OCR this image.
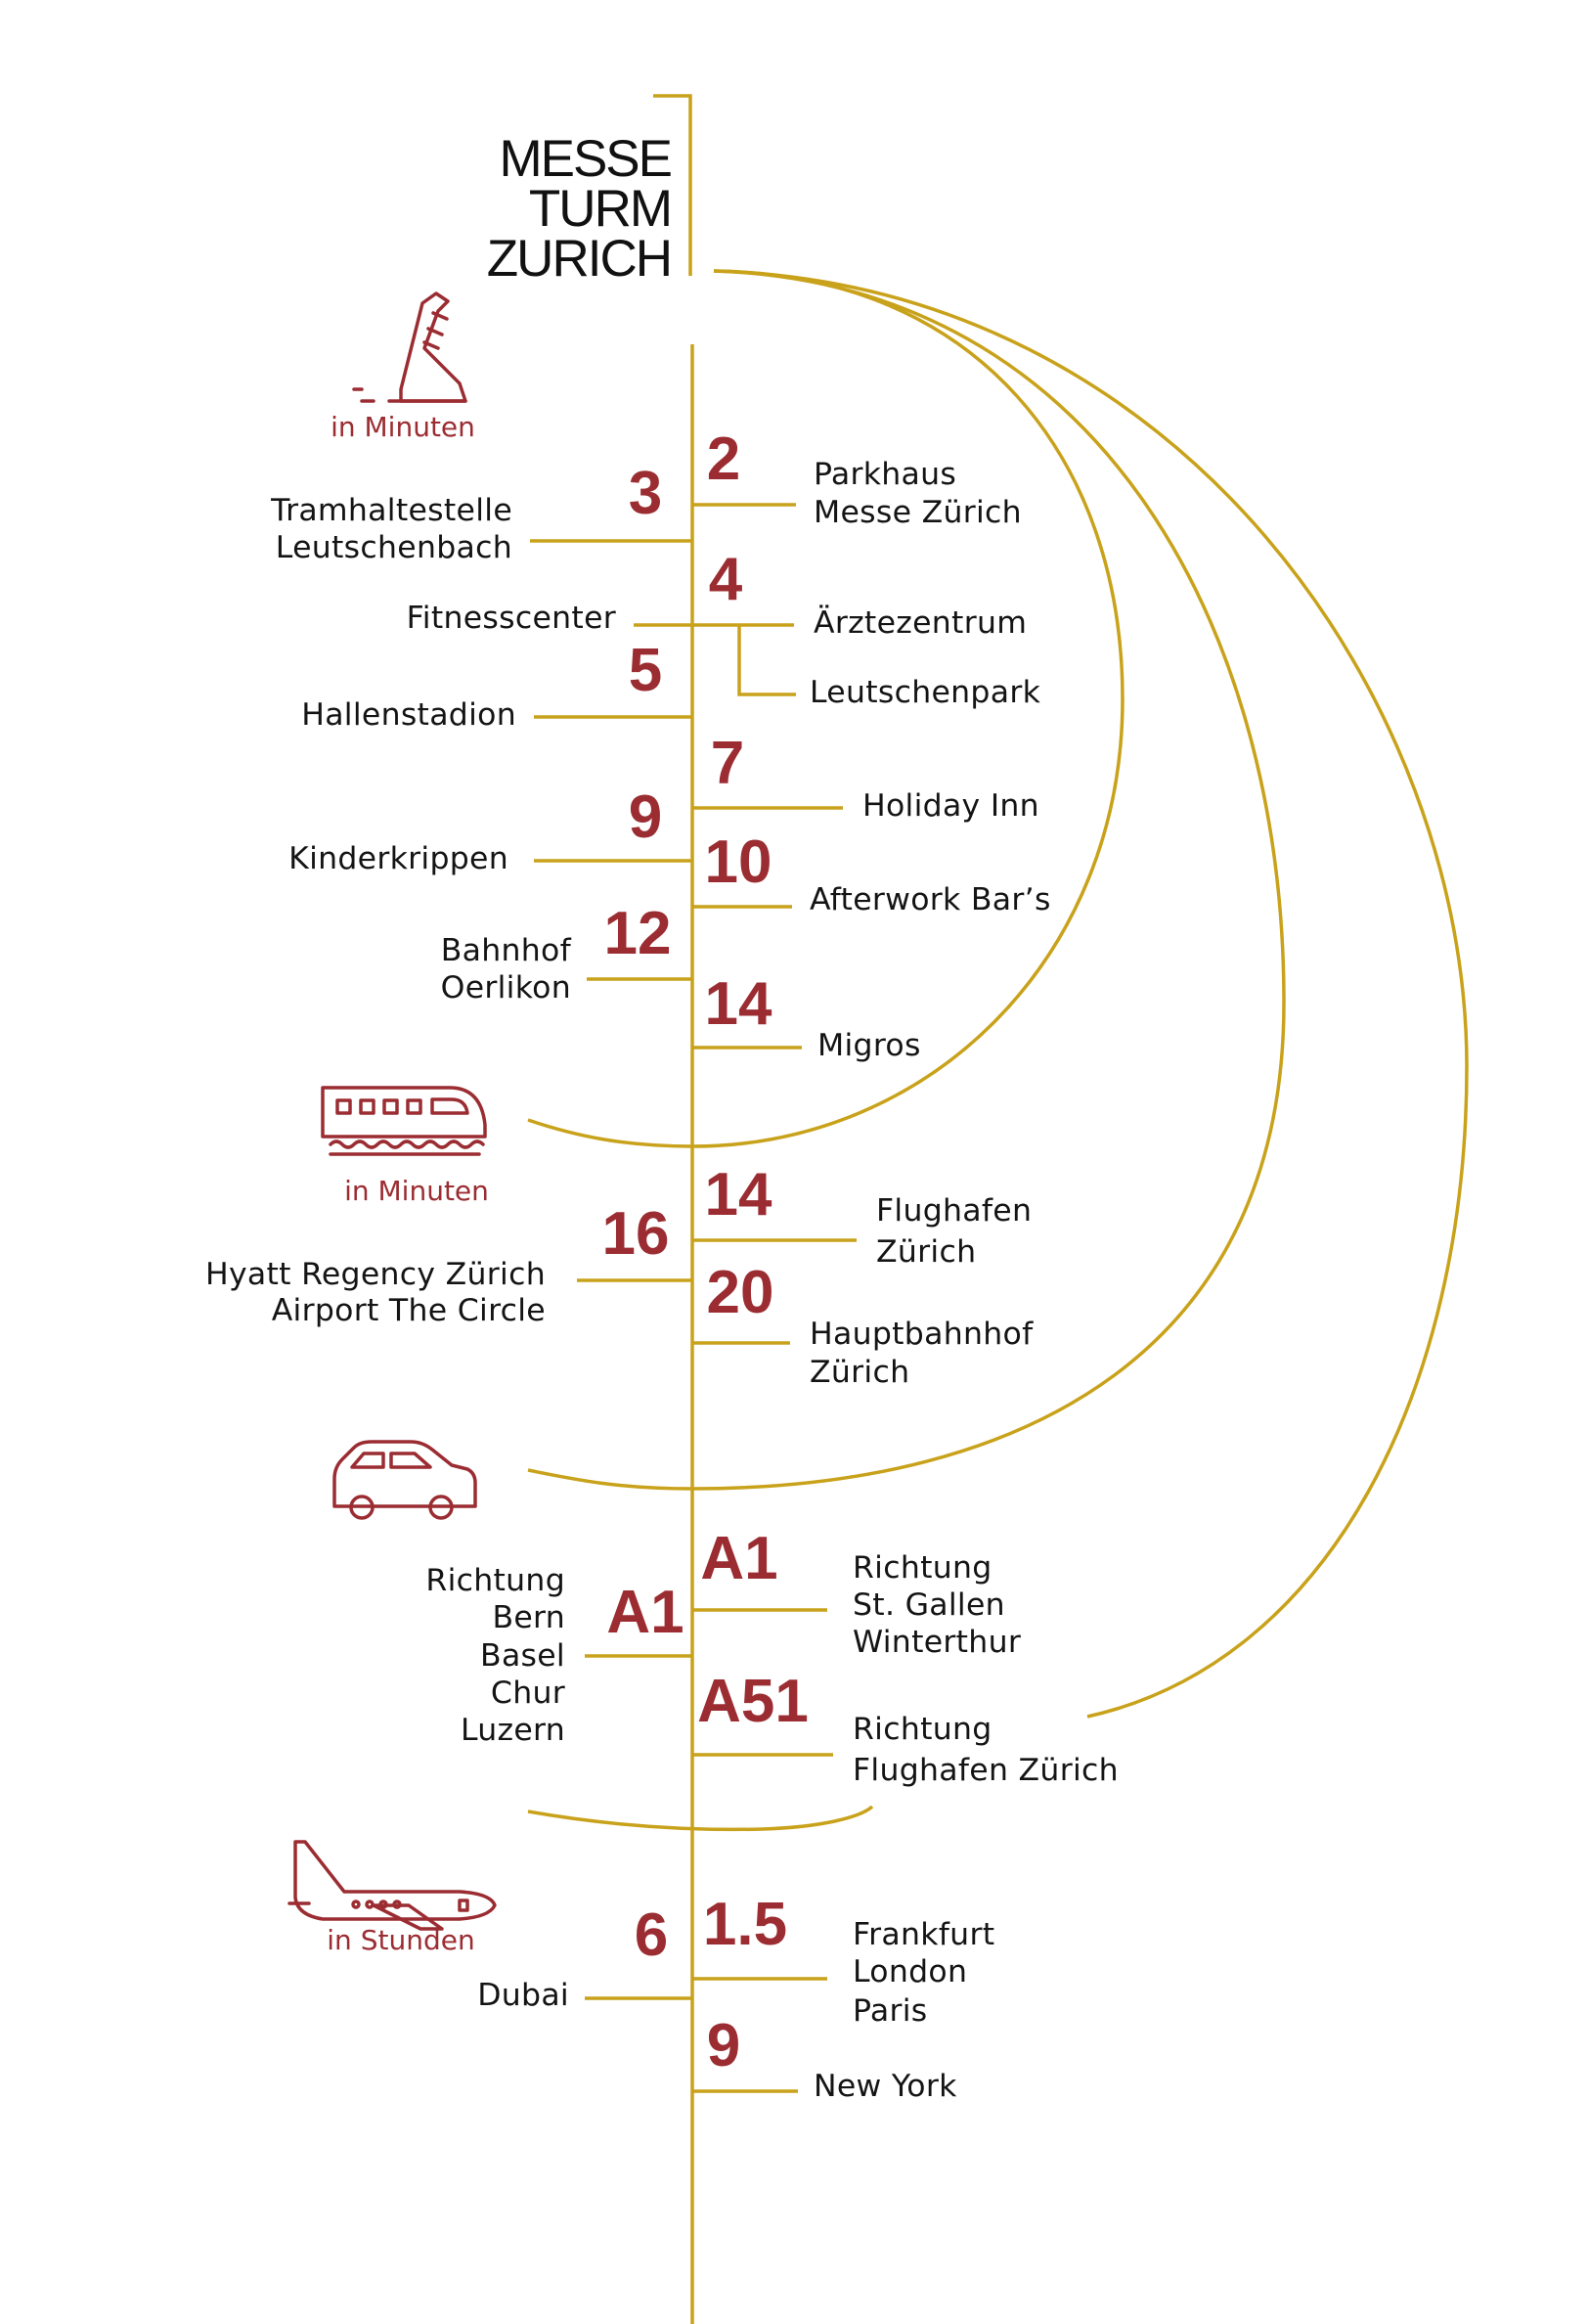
MESSE
TURM
ZURICH
in Minuten
3
Tramhaltestelle
Leutschenbach
Fitnesscenter
5
Hallenstadion
9
Kinderkrippen
12
Bahnhof
Oerlikon
2 Parkhaus
Messe Zürich
4
Ärztezentrum
Leutschenpark
7
Holiday Inn
10
Afterwork Bar’s
14
Migros
in Minuten
16
Hyatt Regency Zürich
Airport The Circle
14	Flughafen
Zürich
20
Hauptbahnhof
Zürich
A1
Richtung
Bern
Basel
Chur
Luzern
A1 Richtung
St. Gallen
Winterthur
A51 Richtung
Flughafen Zürich
in Stunden	6
Dubai
1.5 Frankfurt
London
Paris
9
New York
